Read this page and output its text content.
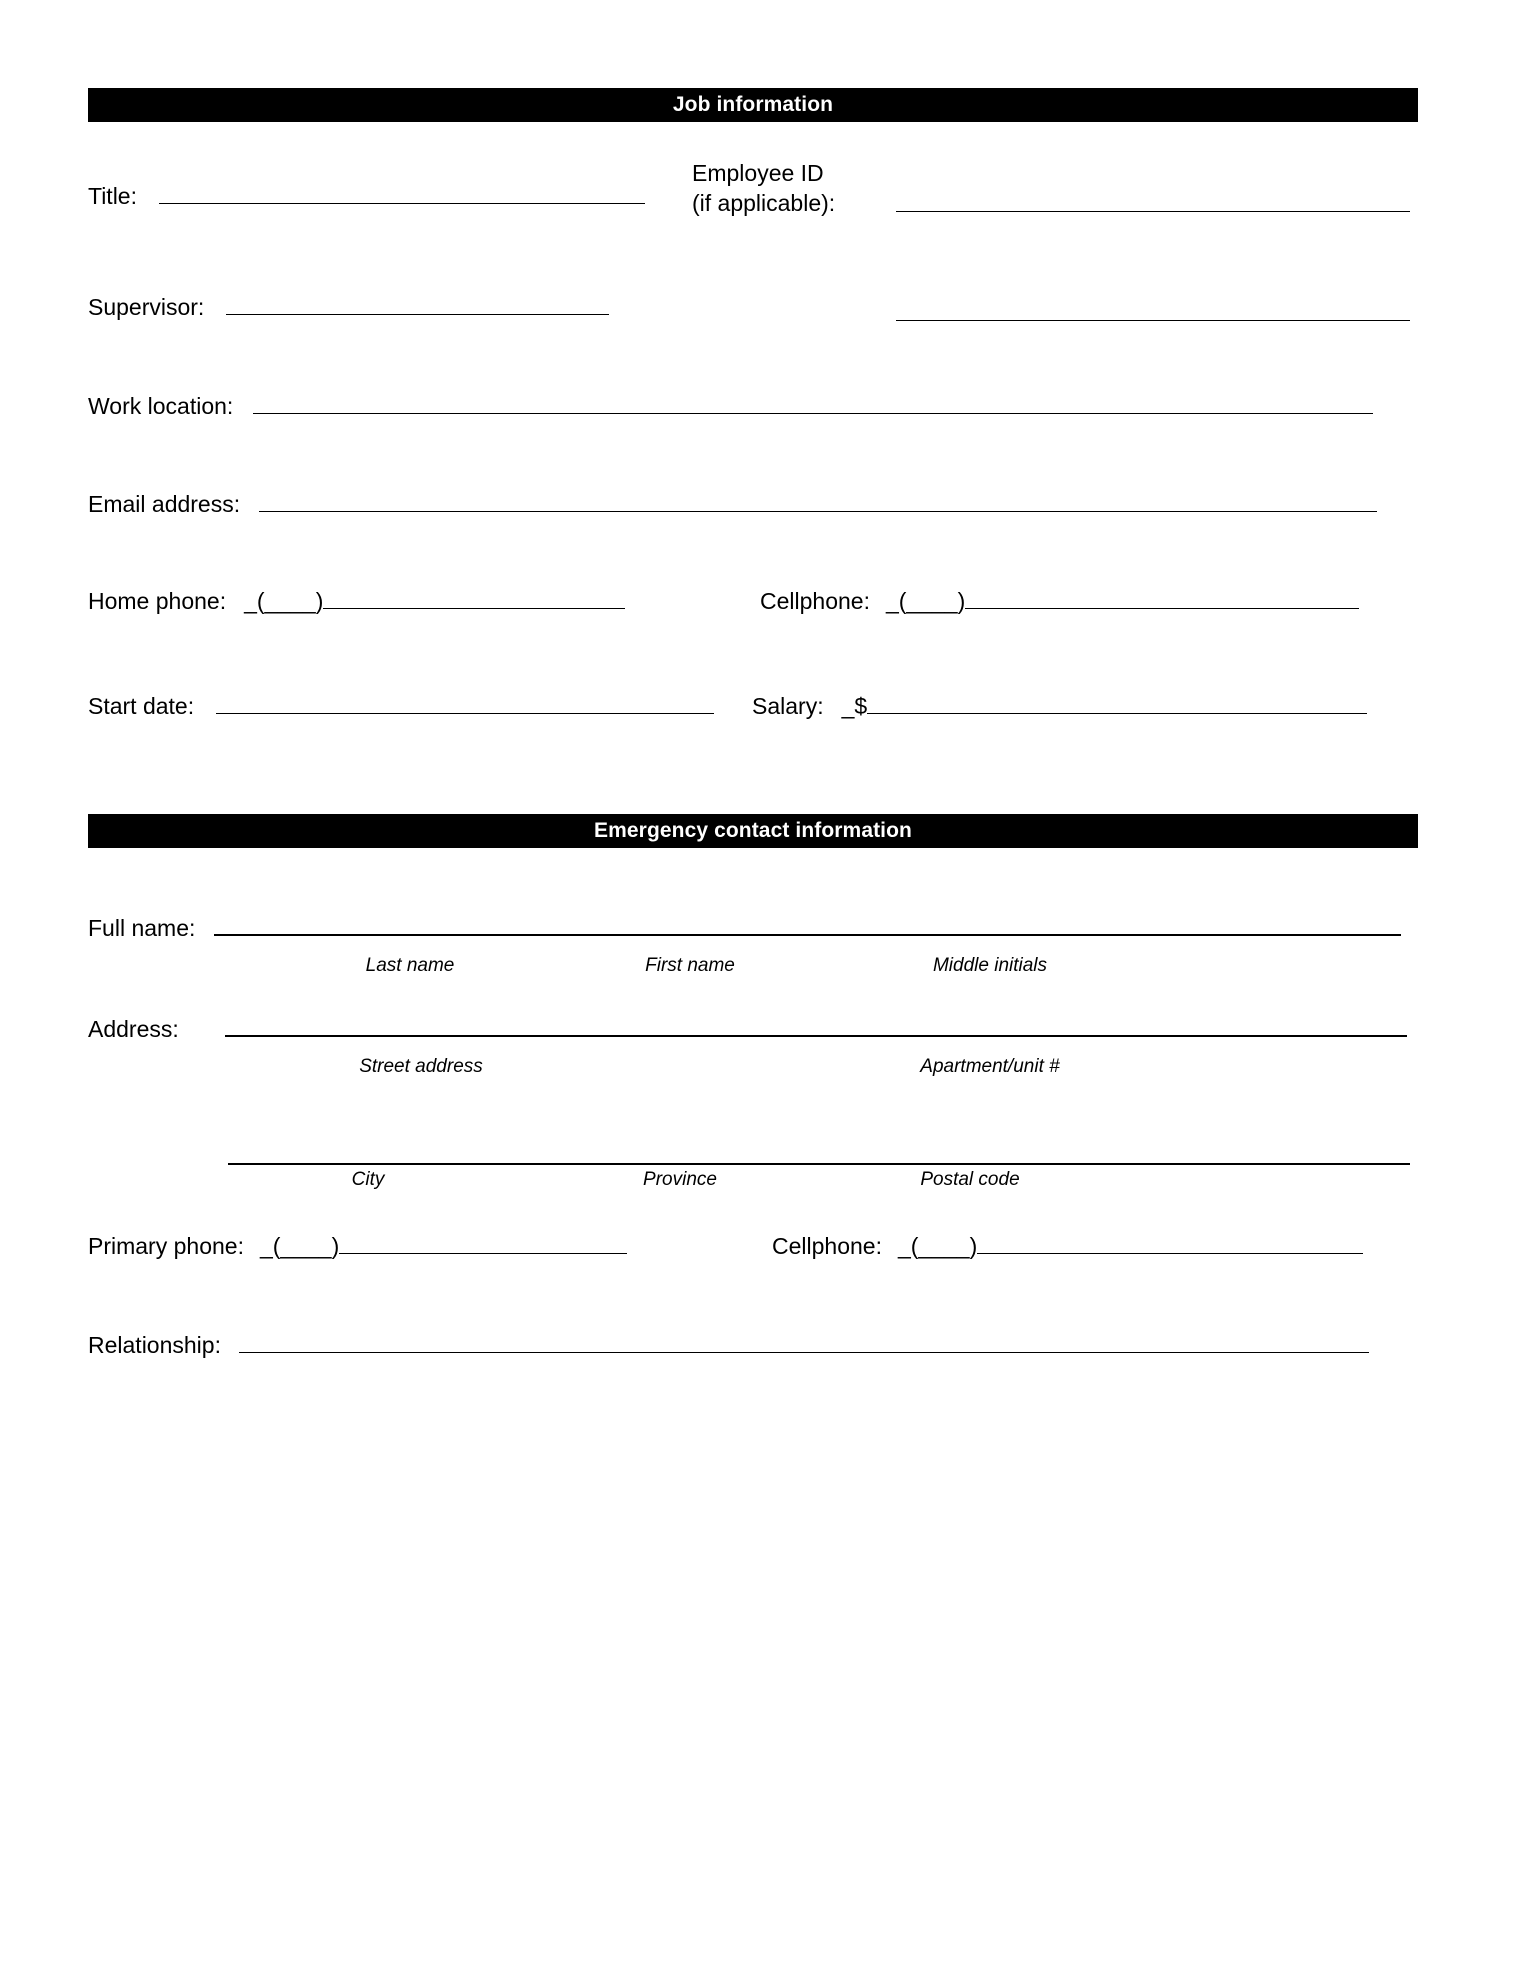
Job information
Title:
Employee ID
(if applicable):
Supervisor:
Work location:
Email address:
Home phone: _(____)	Cellphone: _(____)
Start date:	Salary: _$
Emergency contact information
Full name:
Last name	First name	Middle initials
Address:
Street address	Apartment/unit #
City	Province	Postal code
Primary phone: _(____)	Cellphone: _(____)
Relationship:
